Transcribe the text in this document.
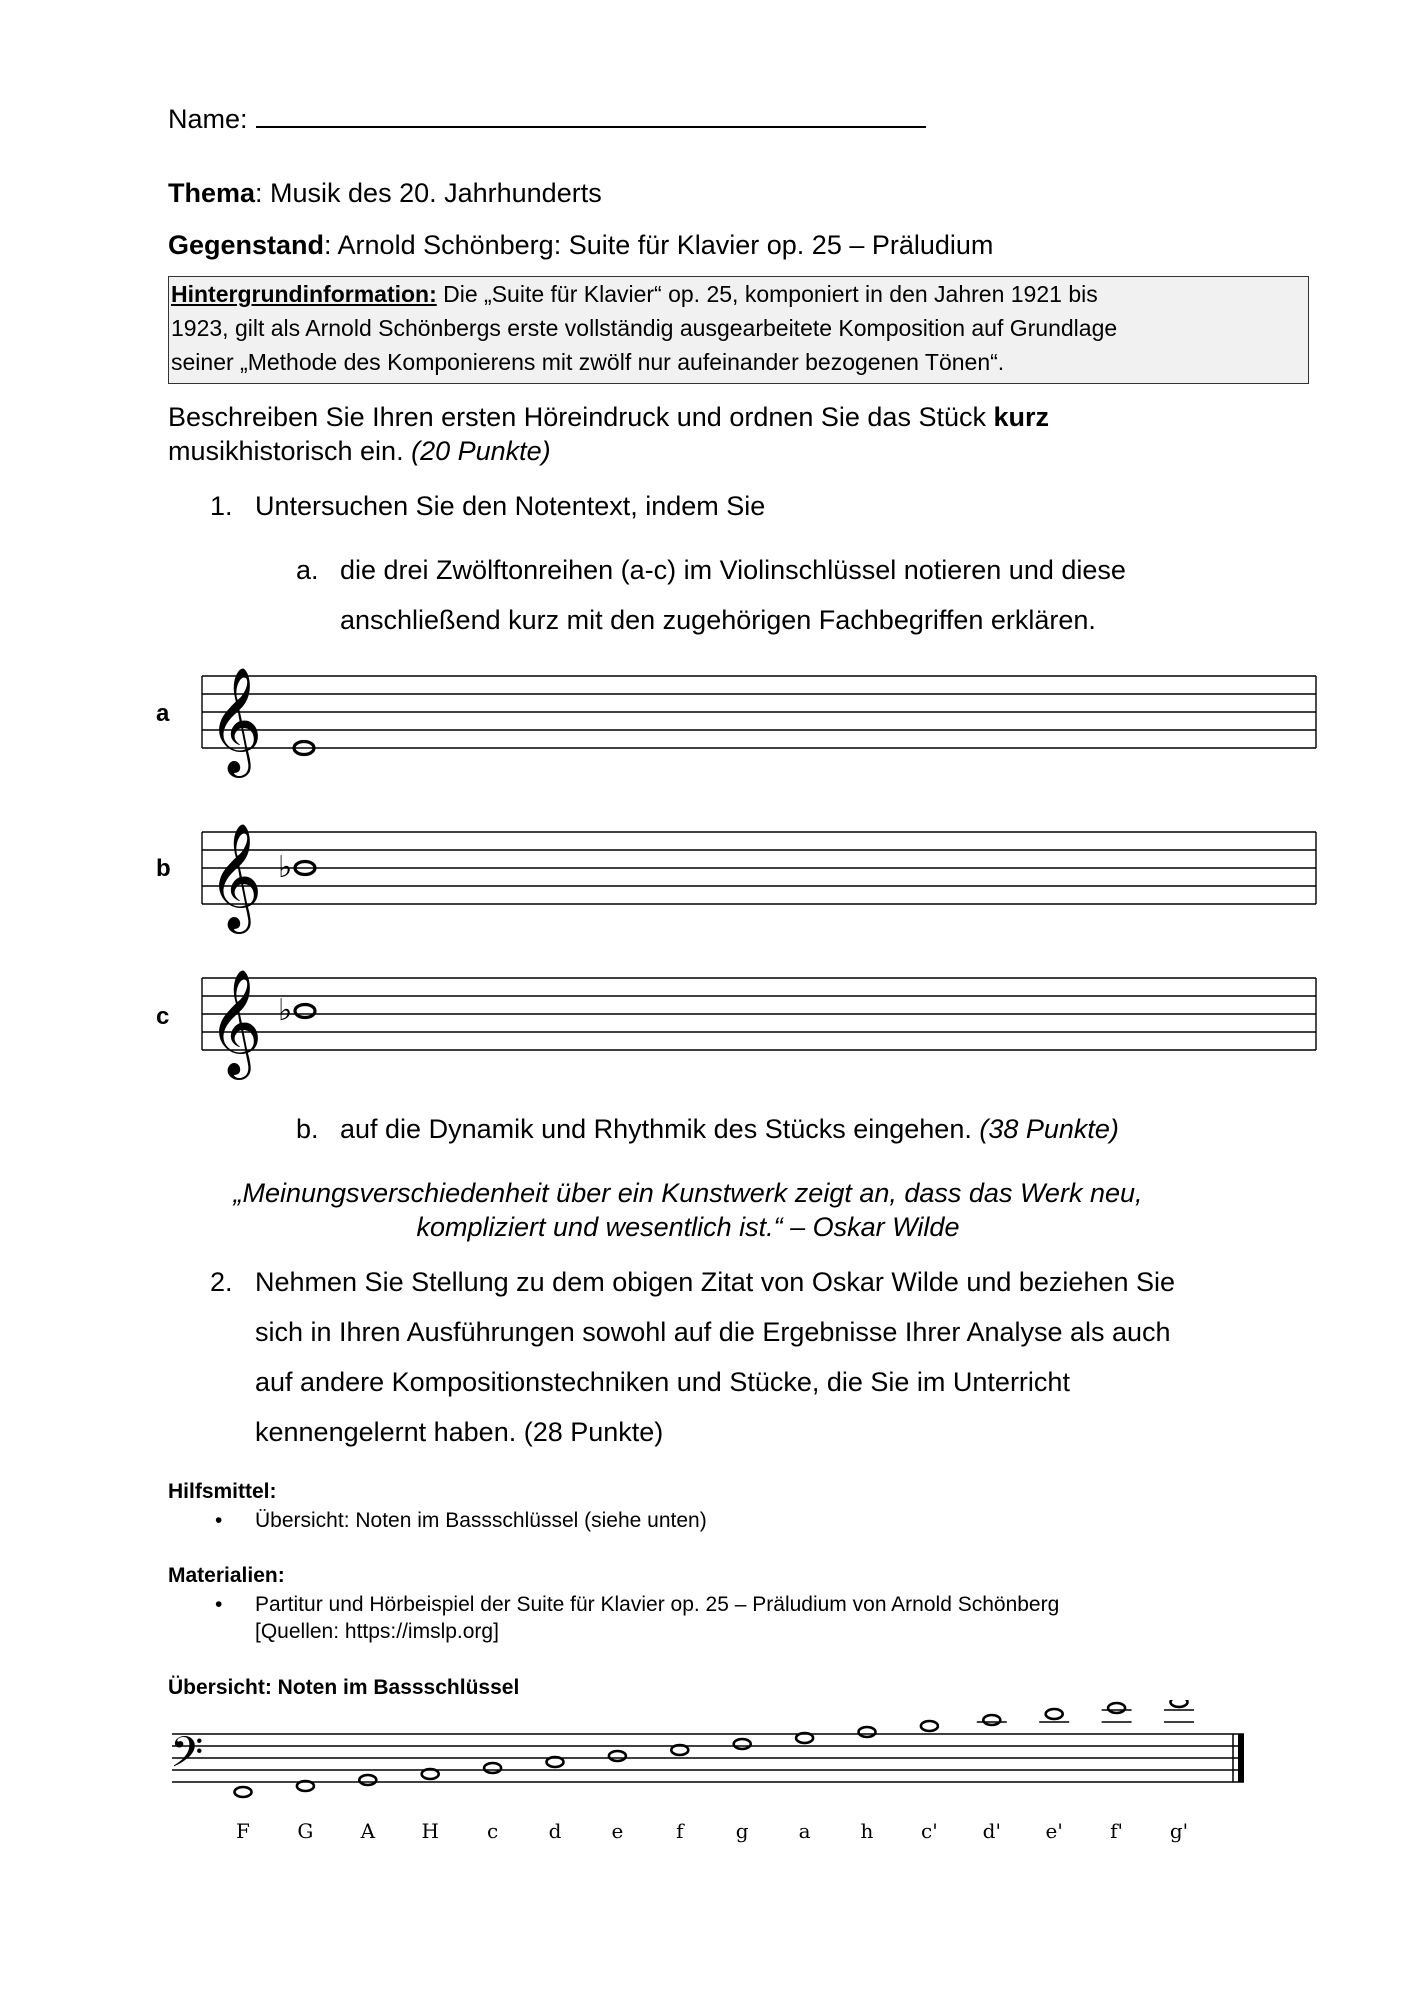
Name:
Thema: Musik des 20. Jahrhunderts
Gegenstand: Arnold Schönberg: Suite für Klavier op. 25 – Präludium
Hintergrundinformation: Die „Suite für Klavier“ op. 25, komponiert in den Jahren 1921 bis
1923, gilt als Arnold Schönbergs erste vollständig ausgearbeitete Komposition auf Grundlage
seiner „Methode des Komponierens mit zwölf nur aufeinander bezogenen Tönen“.
Beschreiben Sie Ihren ersten Höreindruck und ordnen Sie das Stück kurz
musikhistorisch ein. (20 Punkte)
1. Untersuchen Sie den Notentext, indem Sie
a. die drei Zwölftonreihen (a-c) im Violinschlüssel notieren und diese
anschließend kurz mit den zugehörigen Fachbegriffen erklären.
a
b
c
𝄞
𝄞 ♭
𝄞 ♭
b. auf die Dynamik und Rhythmik des Stücks eingehen. (38 Punkte)
„Meinungsverschiedenheit über ein Kunstwerk zeigt an, dass das Werk neu,
kompliziert und wesentlich ist.“ – Oskar Wilde
2. Nehmen Sie Stellung zu dem obigen Zitat von Oskar Wilde und beziehen Sie
sich in Ihren Ausführungen sowohl auf die Ergebnisse Ihrer Analyse als auch
auf andere Kompositionstechniken und Stücke, die Sie im Unterricht
kennengelernt haben. (28 Punkte)
Hilfsmittel:
• Übersicht: Noten im Bassschlüssel (siehe unten)
Materialien:
• Partitur und Hörbeispiel der Suite für Klavier op. 25 – Präludium von Arnold Schönberg
[Quellen: https://imslp.org]
Übersicht: Noten im Bassschlüssel
𝄢
F G A H c	d	e	f	g	a h c' d' e' f' g'
